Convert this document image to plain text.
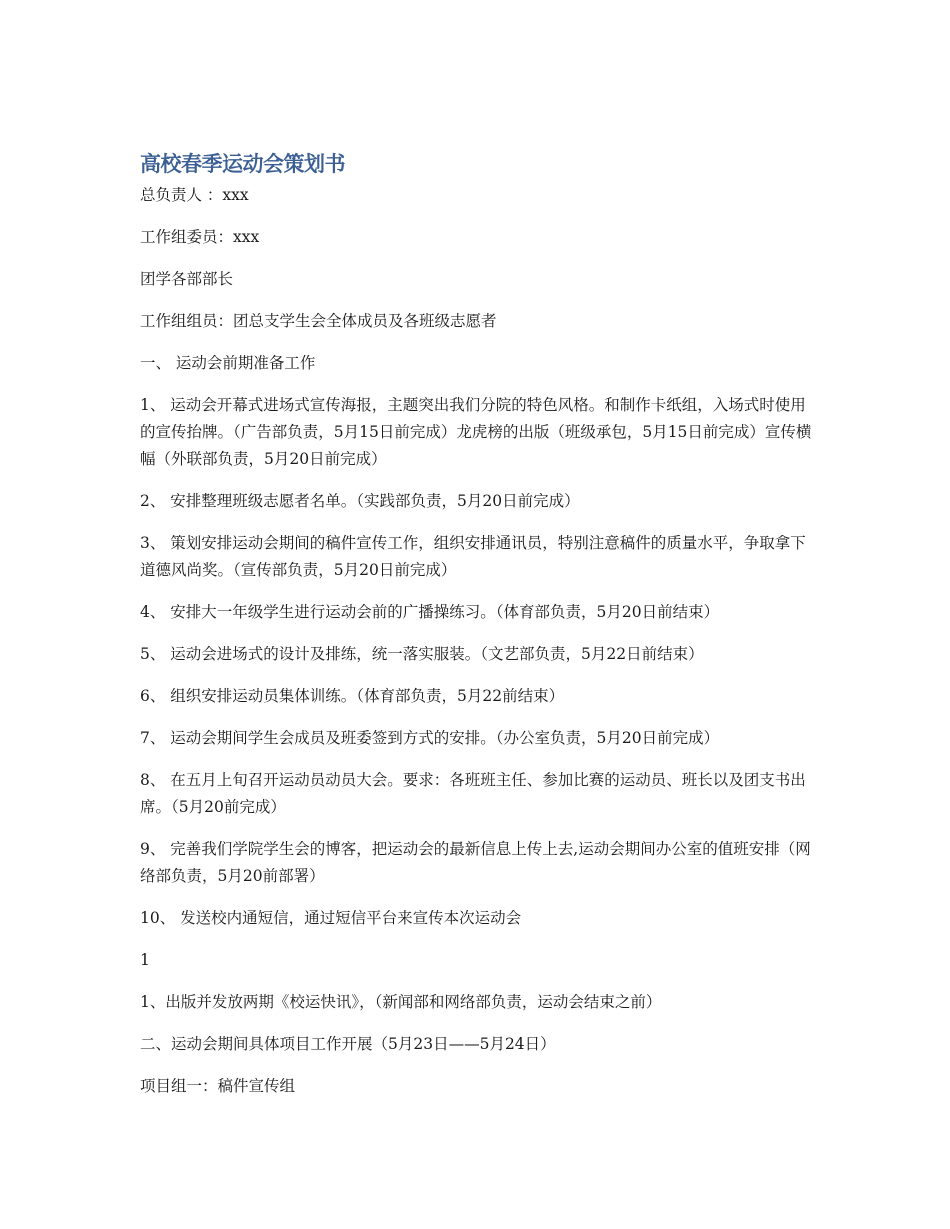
高校春季运动会策划书
总负责人 ：xxx
工作组委员：xxx
团学各部部长
工作组组员：团总支学生会全体成员及各班级志愿者
一、 运动会前期准备工作
1、 运动会开幕式进场式宣传海报，主题突出我们分院的特色风格。和制作卡纸组，入场式时使用的宣传抬牌。（广告部负责，5月15日前完成）龙虎榜的出版（班级承包，5月15日前完成）宣传横幅（外联部负责，5月20日前完成）
2、 安排整理班级志愿者名单。（实践部负责，5月20日前完成）
3、 策划安排运动会期间的稿件宣传工作，组织安排通讯员，特别注意稿件的质量水平，争取拿下道德风尚奖。（宣传部负责，5月20日前完成）
4、 安排大一年级学生进行运动会前的广播操练习。（体育部负责，5月20日前结束）
5、 运动会进场式的设计及排练，统一落实服装。（文艺部负责，5月22日前结束）
6、 组织安排运动员集体训练。（体育部负责，5月22前结束）
7、 运动会期间学生会成员及班委签到方式的安排。（办公室负责，5月20日前完成）
8、 在五月上旬召开运动员动员大会。要求：各班班主任、参加比赛的运动员、班长以及团支书出席。（5月20前完成）
9、 完善我们学院学生会的博客，把运动会的最新信息上传上去,运动会期间办公室的值班安排（网络部负责，5月20前部署）
10、 发送校内通短信，通过短信平台来宣传本次运动会
1
1、出版并发放两期《校运快讯》，（新闻部和网络部负责，运动会结束之前）
二、运动会期间具体项目工作开展（5月23日——5月24日）
项目组一：稿件宣传组
